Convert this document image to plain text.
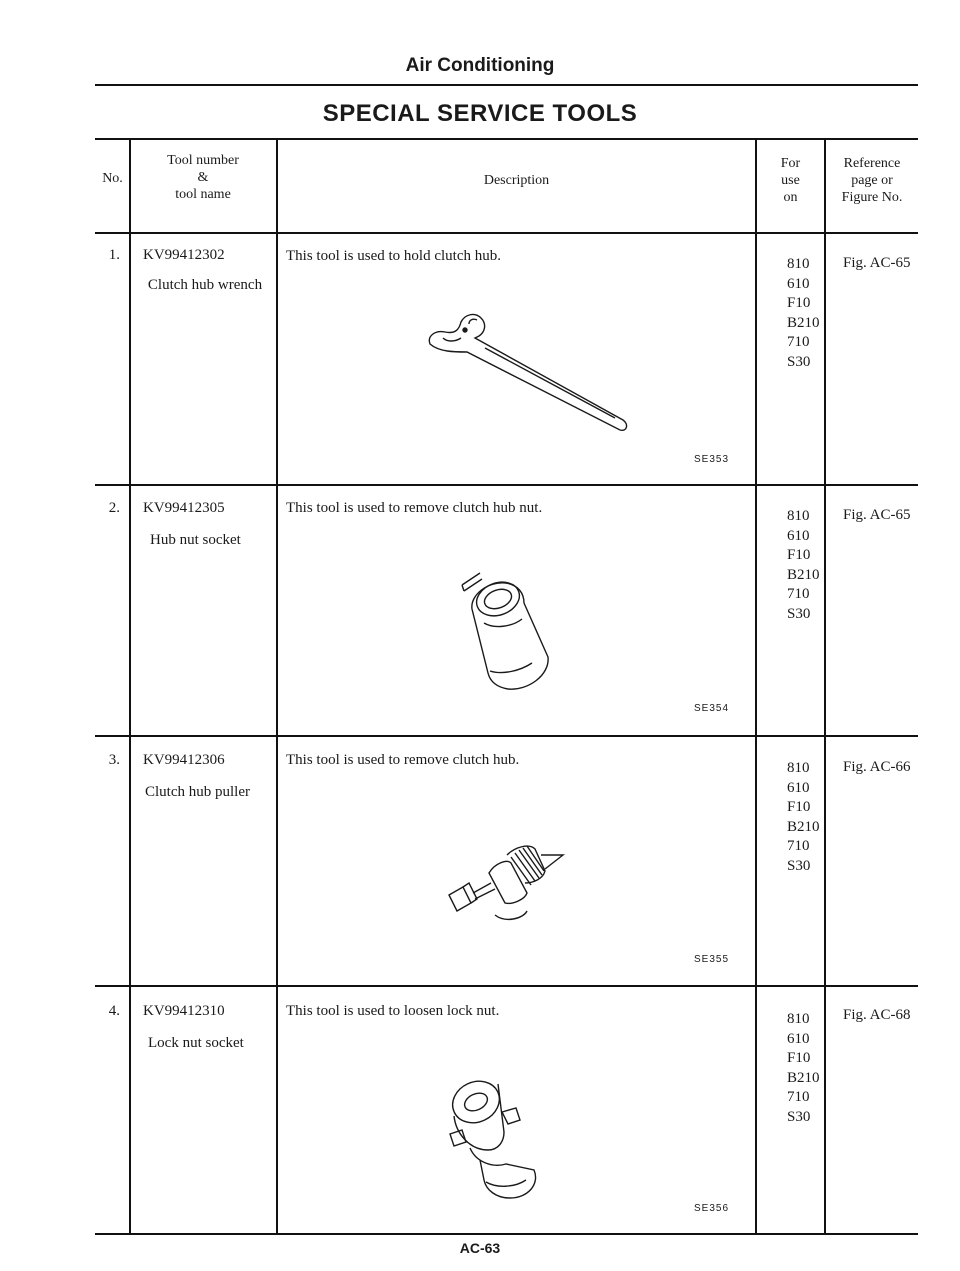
Air Conditioning
SPECIAL SERVICE TOOLS
No.
Tool number
&
tool name
Description
For
use
on
Reference
page or
Figure No.
1.	KV99412302
Clutch hub wrench
This tool is used to hold clutch hub.
SE353
810
610
F10
B210
710
S30
Fig. AC-65
2. KV99412305
Hub nut socket
This tool is used to remove clutch hub nut.
SE354
810
610
F10
B210
710
S30
Fig. AC-65
3. KV99412306
Clutch hub puller
This tool is used to remove clutch hub.
SE355
810
610
F10
B210
710
S30
Fig. AC-66
4. KV99412310
Lock nut socket
This tool is used to loosen lock nut.
SE356
810
610
F10
B210
710
S30
Fig. AC-68
AC-63
